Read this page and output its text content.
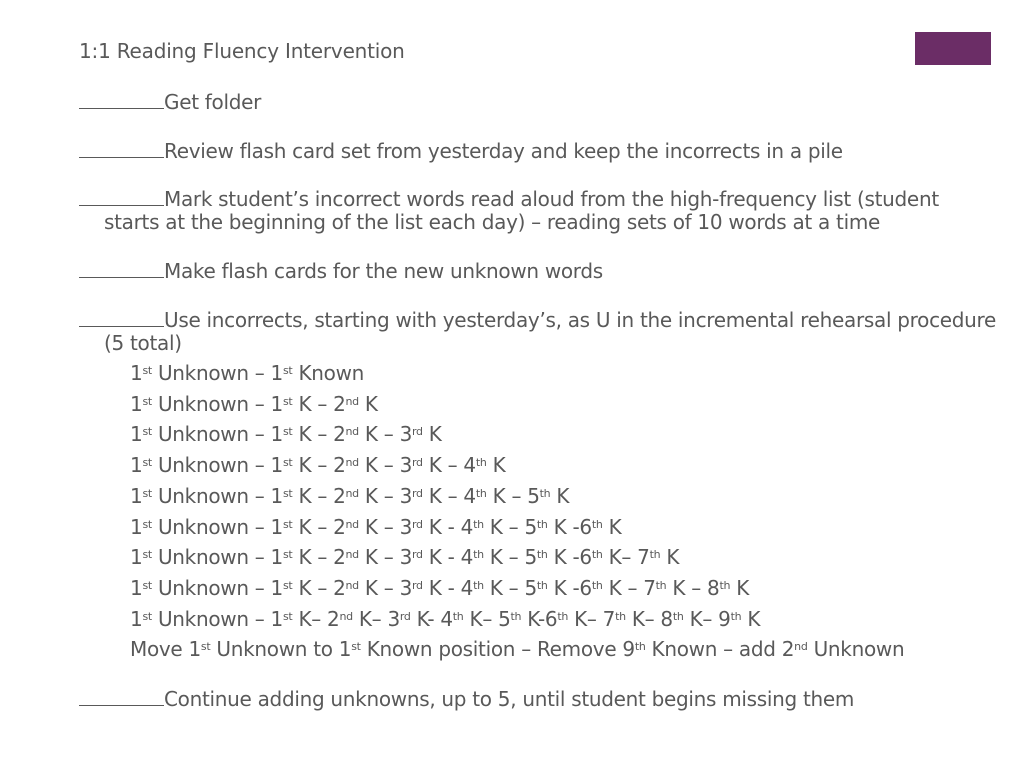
1:1 Reading Fluency Intervention
Get folder
Review flash card set from yesterday and keep the incorrects in a pile
Mark student’s incorrect words read aloud from the high-frequency list (student
starts at the beginning of the list each day) – reading sets of 10 words at a time
Make flash cards for the new unknown words
Use incorrects, starting with yesterday’s, as U in the incremental rehearsal procedure
(5 total)
1st Unknown – 1st Known
1st Unknown – 1st K – 2nd K
1st Unknown – 1st K – 2nd K – 3rd K
1st Unknown – 1st K – 2nd K – 3rd K – 4th K
1st Unknown – 1st K – 2nd K – 3rd K – 4th K – 5th K
1st Unknown – 1st K – 2nd K – 3rd K - 4th K – 5th K -6th K
1st Unknown – 1st K – 2nd K – 3rd K - 4th K – 5th K -6th K– 7th K
1st Unknown – 1st K – 2nd K – 3rd K - 4th K – 5th K -6th K – 7th K – 8th K
1st Unknown – 1st K– 2nd K– 3rd K- 4th K– 5th K-6th K– 7th K– 8th K– 9th K
Move 1st Unknown to 1st Known position – Remove 9th Known – add 2nd Unknown
Continue adding unknowns, up to 5, until student begins missing them
